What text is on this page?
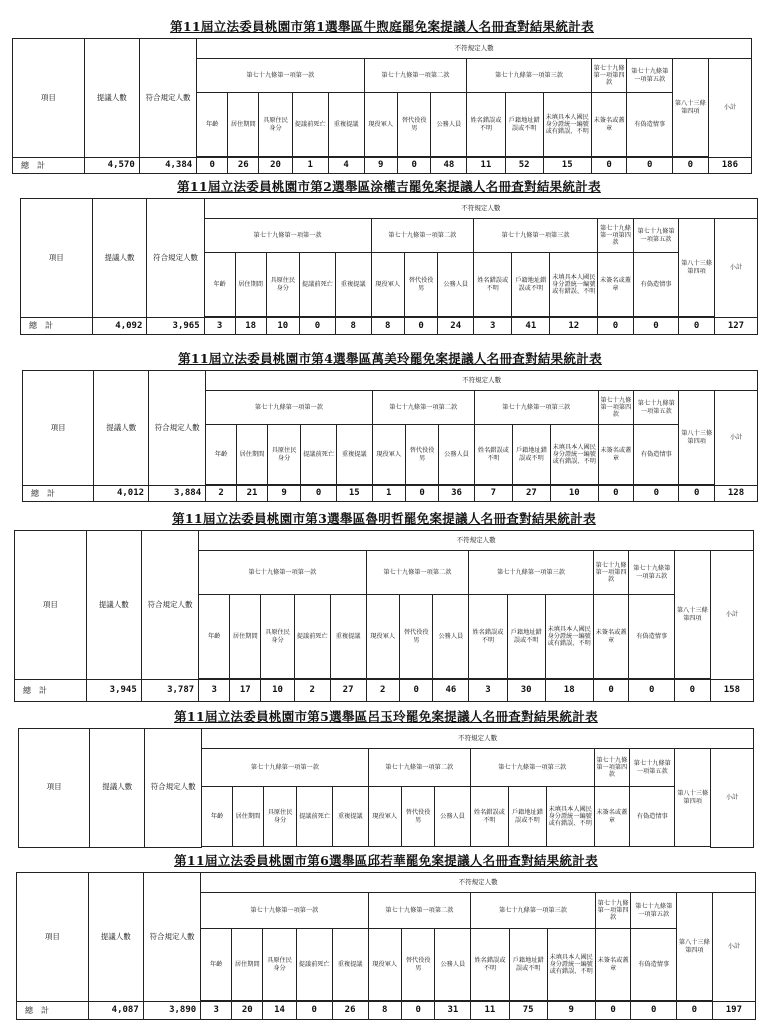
第11屆立法委員桃園市第1選舉區牛煦庭罷免案提議人名冊查對結果統計表
項目	提議人數	符合規定人數	不符規定人數														
			第七十九條第一項第一款					第七十九條第一項第二款			第七十九條第一項第三款			第七十九條第一項第四款	第七十九條第一項第五款	第八十三條第四項	小計
			年齡	居住期間	具原住民身分	提議前死亡	重複提議	現役軍人	替代役役男	公務人員	姓名錯誤或不明	戶籍地址錯誤或不明	未填具本人國民身分證統一編號或有錯誤、不明	未簽名或蓋章	有偽造情事		

總　計	4,570	4,384	0	26	20	1	4	9	0	48	11	52	15	0	0	0	186
第11屆立法委員桃園市第2選舉區涂權吉罷免案提議人名冊查對結果統計表
項目	提議人數	符合規定人數	不符規定人數														
			第七十九條第一項第一款					第七十九條第一項第二款			第七十九條第一項第三款			第七十九條第一項第四款	第七十九條第一項第五款	第八十三條第四項	小計
			年齡	居住期間	具原住民身分	提議前死亡	重複提議	現役軍人	替代役役男	公務人員	姓名錯誤或不明	戶籍地址錯誤或不明	未填具本人國民身分證統一編號或有錯誤、不明	未簽名或蓋章	有偽造情事		

總　計	4,092	3,965	3	18	10	0	8	8	0	24	3	41	12	0	0	0	127
第11屆立法委員桃園市第4選舉區萬美玲罷免案提議人名冊查對結果統計表
項目	提議人數	符合規定人數	不符規定人數														
			第七十九條第一項第一款					第七十九條第一項第二款			第七十九條第一項第三款			第七十九條第一項第四款	第七十九條第一項第五款	第八十三條第四項	小計
			年齡	居住期間	具原住民身分	提議前死亡	重複提議	現役軍人	替代役役男	公務人員	姓名錯誤或不明	戶籍地址錯誤或不明	未填具本人國民身分證統一編號或有錯誤、不明	未簽名或蓋章	有偽造情事		

總　計	4,012	3,884	2	21	9	0	15	1	0	36	7	27	10	0	0	0	128
第11屆立法委員桃園市第3選舉區魯明哲罷免案提議人名冊查對結果統計表
項目	提議人數	符合規定人數	不符規定人數														
			第七十九條第一項第一款					第七十九條第一項第二款			第七十九條第一項第三款			第七十九條第一項第四款	第七十九條第一項第五款	第八十三條第四項	小計
			年齡	居住期間	具原住民身分	提議前死亡	重複提議	現役軍人	替代役役男	公務人員	姓名錯誤或不明	戶籍地址錯誤或不明	未填具本人國民身分證統一編號或有錯誤、不明	未簽名或蓋章	有偽造情事		

總　計	3,945	3,787	3	17	10	2	27	2	0	46	3	30	18	0	0	0	158
第11屆立法委員桃園市第5選舉區呂玉玲罷免案提議人名冊查對結果統計表
項目	提議人數	符合規定人數	不符規定人數														
			第七十九條第一項第一款					第七十九條第一項第二款			第七十九條第一項第三款			第七十九條第一項第四款	第七十九條第一項第五款	第八十三條第四項	小計
			年齡	居住期間	具原住民身分	提議前死亡	重複提議	現役軍人	替代役役男	公務人員	姓名錯誤或不明	戶籍地址錯誤或不明	未填具本人國民身分證統一編號或有錯誤、不明	未簽名或蓋章	有偽造情事		

第11屆立法委員桃園市第6選舉區邱若華罷免案提議人名冊查對結果統計表
項目	提議人數	符合規定人數	不符規定人數														
			第七十九條第一項第一款					第七十九條第一項第二款			第七十九條第一項第三款			第七十九條第一項第四款	第七十九條第一項第五款	第八十三條第四項	小計
			年齡	居住期間	具原住民身分	提議前死亡	重複提議	現役軍人	替代役役男	公務人員	姓名錯誤或不明	戶籍地址錯誤或不明	未填具本人國民身分證統一編號或有錯誤、不明	未簽名或蓋章	有偽造情事		

總　計	4,087	3,890	3	20	14	0	26	8	0	31	11	75	9	0	0	0	197
